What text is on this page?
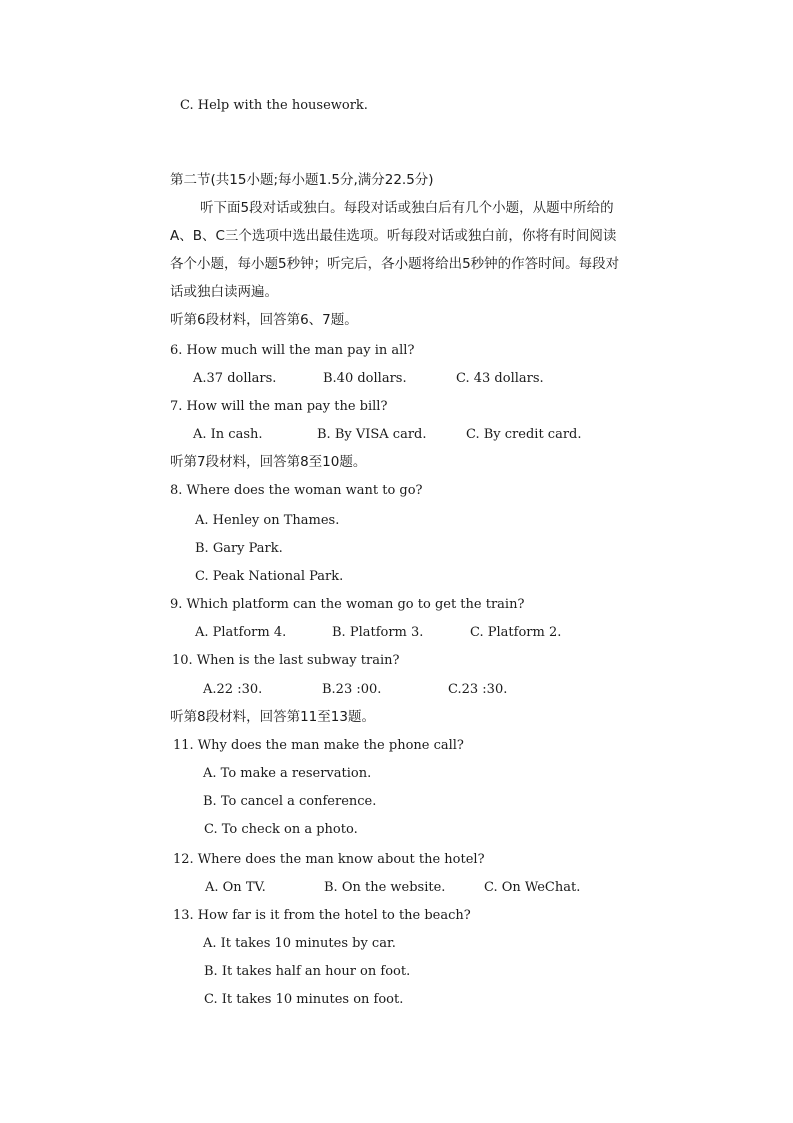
C. Help with the housework.
第二节(共15小题;每小题1.5分,满分22.5分)
听下面5段对话或独白。每段对话或独白后有几个小题，从题中所给的
A、B、C三个选项中选出最佳选项。听每段对话或独白前，你将有时间阅读
各个小题，每小题5秒钟；听完后，各小题将给出5秒钟的作答时间。每段对
话或独白读两遍。
听第6段材料，回答第6、7题。
6. How much will the man pay in all?
A.37 dollars.	B.40 dollars.	C. 43 dollars.
7. How will the man pay the bill?
A. In cash.	B. By VISA card.	C. By credit card.
听第7段材料，回答第8至10题。
8. Where does the woman want to go?
A. Henley on Thames.
B. Gary Park.
C. Peak National Park.
9. Which platform can the woman go to get the train?
A. Platform 4.	B. Platform 3.	C. Platform 2.
10. When is the last subway train?
A.22 :30.	B.23 :00.	C.23 :30.
听第8段材料，回答第11至13题。
11. Why does the man make the phone call?
A. To make a reservation.
B. To cancel a conference.
C. To check on a photo.
12. Where does the man know about the hotel?
A. On TV.	B. On the website.	C. On WeChat.
13. How far is it from the hotel to the beach?
A. It takes 10 minutes by car.
B. It takes half an hour on foot.
C. It takes 10 minutes on foot.
